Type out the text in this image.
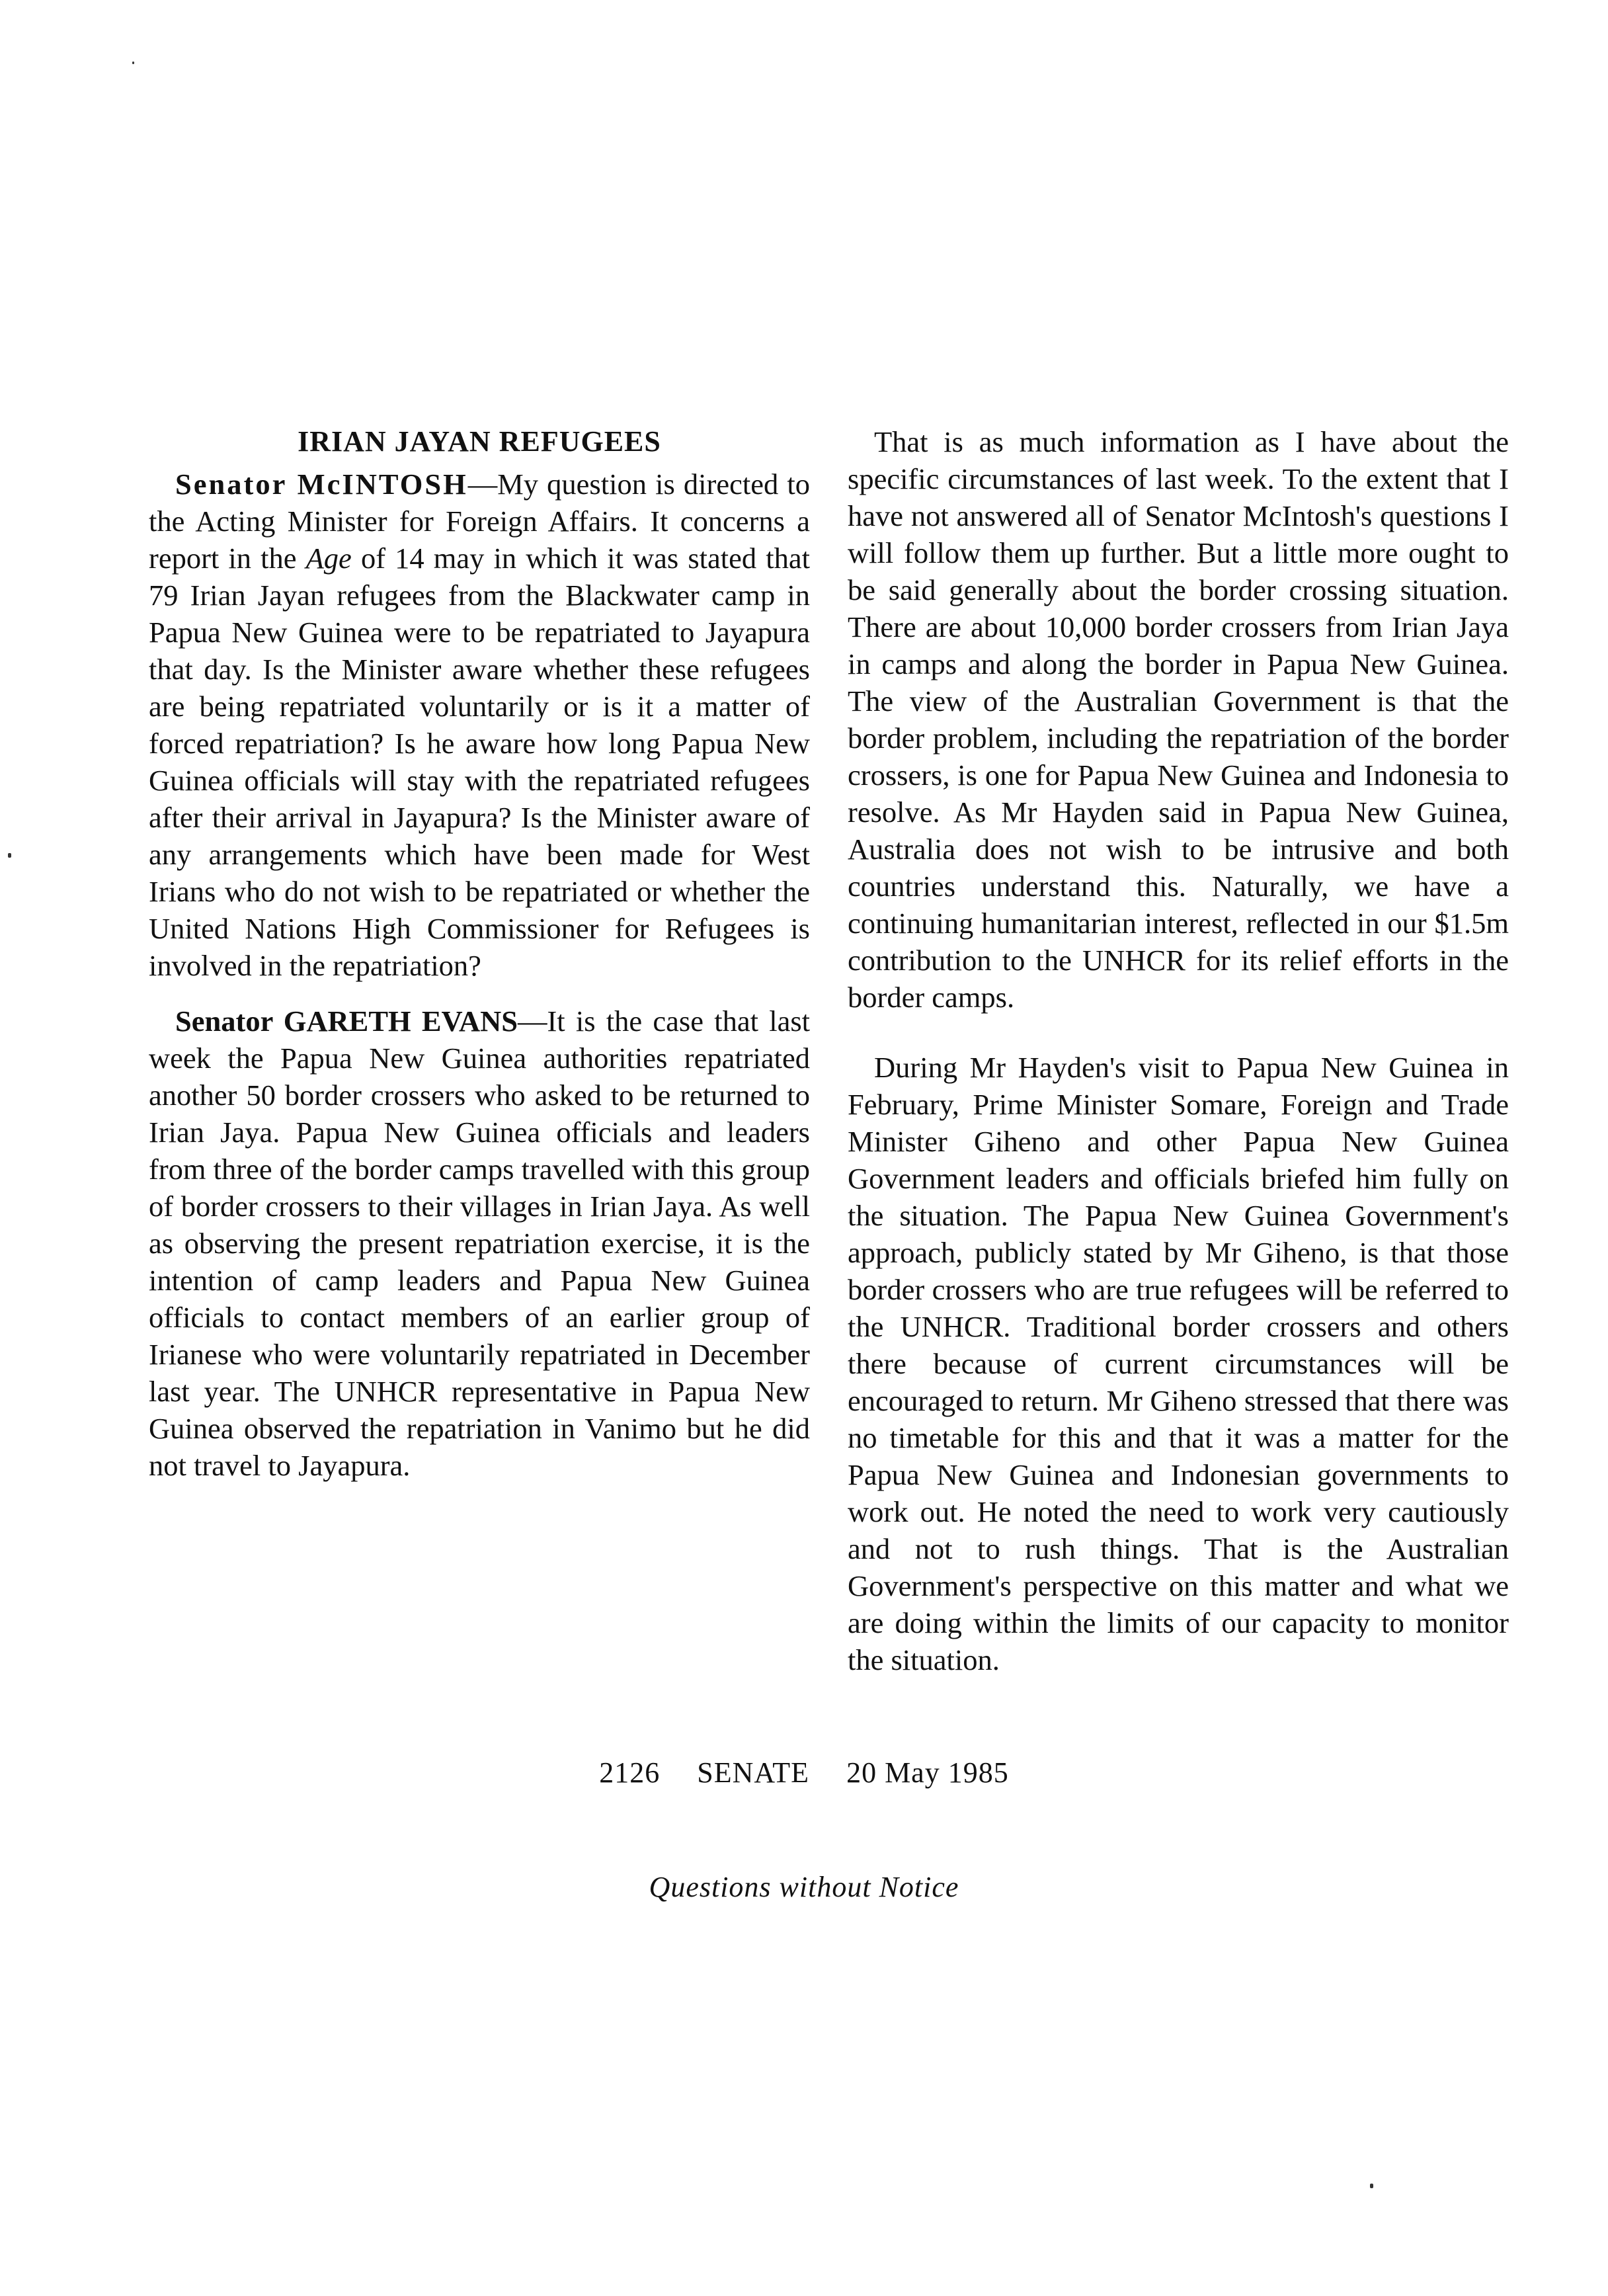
IRIAN JAYAN REFUGEES

Senator McINTOSH—My question is directed to the Acting Minister for Foreign Affairs. It concerns a report in the Age of 14 may in which it was stated that 79 Irian Jayan refugees from the Blackwater camp in Papua New Guinea were to be repatriated to Jayapura that day. Is the Minister aware whether these refugees are being repatriated voluntarily or is it a matter of forced repatriation? Is he aware how long Papua New Guinea officials will stay with the repatriated refugees after their arrival in Jayapura? Is the Minister aware of any arrangements which have been made for West Irians who do not wish to be repatriated or whether the United Nations High Commissioner for Refugees is involved in the repatriation?

Senator GARETH EVANS—It is the case that last week the Papua New Guinea authorities repatriated another 50 border crossers who asked to be returned to Irian Jaya. Papua New Guinea officials and leaders from three of the border camps travelled with this group of border crossers to their villages in Irian Jaya. As well as observing the present repatriation exercise, it is the intention of camp leaders and Papua New Guinea officials to contact members of an earlier group of Irianese who were voluntarily repatriated in December last year. The UNHCR representative in Papua New Guinea observed the repatriation in Vanimo but he did not travel to Jayapura.

That is as much information as I have about the specific circumstances of last week. To the extent that I have not answered all of Senator McIntosh's questions I will follow them up further. But a little more ought to be said generally about the border crossing situation. There are about 10,000 border crossers from Irian Jaya in camps and along the border in Papua New Guinea. The view of the Australian Government is that the border problem, including the repatriation of the border crossers, is one for Papua New Guinea and Indonesia to resolve. As Mr Hayden said in Papua New Guinea, Australia does not wish to be intrusive and both countries understand this. Naturally, we have a continuing humanitarian interest, reflected in our $1.5m contribution to the UNHCR for its relief efforts in the border camps.

During Mr Hayden's visit to Papua New Guinea in February, Prime Minister Somare, Foreign and Trade Minister Giheno and other Papua New Guinea Government leaders and officials briefed him fully on the situation. The Papua New Guinea Government's approach, publicly stated by Mr Giheno, is that those border crossers who are true refugees will be referred to the UNHCR. Traditional border crossers and others there because of current circumstances will be encouraged to return. Mr Giheno stressed that there was no timetable for this and that it was a matter for the Papua New Guinea and Indonesian governments to work out. He noted the need to work very cautiously and not to rush things. That is the Australian Government's perspective on this matter and what we are doing within the limits of our capacity to monitor the situation.

2126 SENATE 20 May 1985
Questions without Notice
